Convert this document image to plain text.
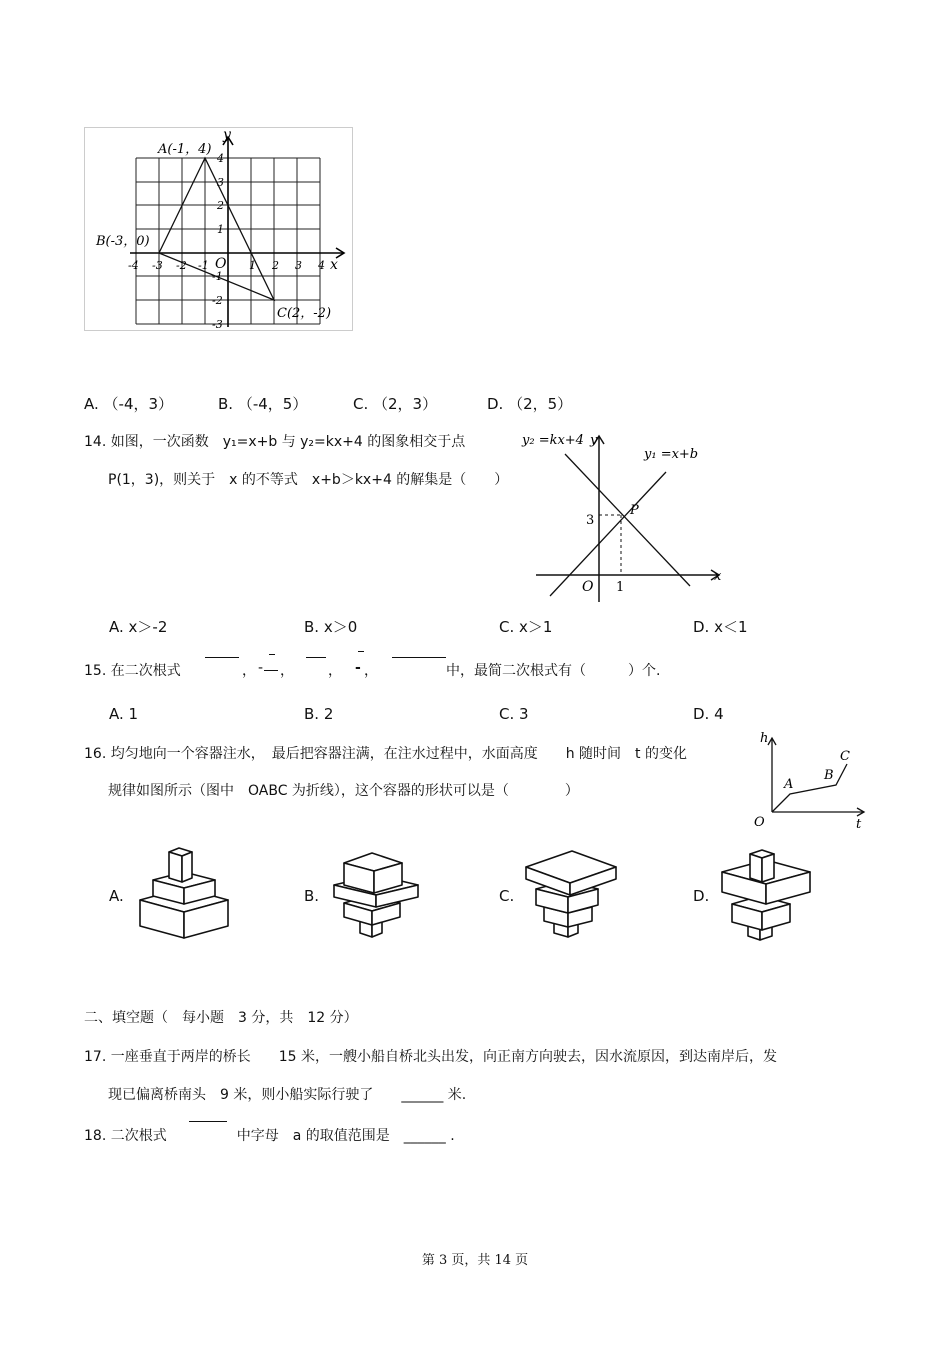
x
y
O
A(-1，4)
B(-3，0)
C(2，-2)
-4 -3 -2 -1	1 2 3 4
4
3
2
1
-1
-2
-3
A. （-4，3）	B. （-4，5）	C. （2，3）	D. （2，5）
14. 如图，一次函数　y₁=x+b 与 y₂=kx+4 的图象相交于点
P(1，3)，则关于　x 的不等式　x+b＞kx+4 的解集是（　　）
y₂ =kx+4 y
y₁ =x+b
x
O
P
3
1
A. x＞-2	B. x＞0	C. x＞1	D. x＜1
15. 在二次根式	， - ， ， - ，	中，最简二次根式有（　　　）个.
A. 1	B. 2	C. 3	D. 4
16. 均匀地向一个容器注水，　最后把容器注满，在注水过程中，水面高度　　h 随时间　t 的变化
规律如图所示（图中　OABC 为折线），这个容器的形状可以是（　　　　）
h
t
O
A
B
C
A.	B.	C.	D.
二、填空题（　每小题　3 分，共　12 分）
17. 一座垂直于两岸的桥长　　15 米，一艘小船自桥北头出发，向正南方向驶去，因水流原因，到达南岸后，发
现已偏离桥南头　9 米，则小船实际行驶了　　______ 米.
18. 二次根式　　　　　中字母　a 的取值范围是　______ .
第 3 页，共 14 页
